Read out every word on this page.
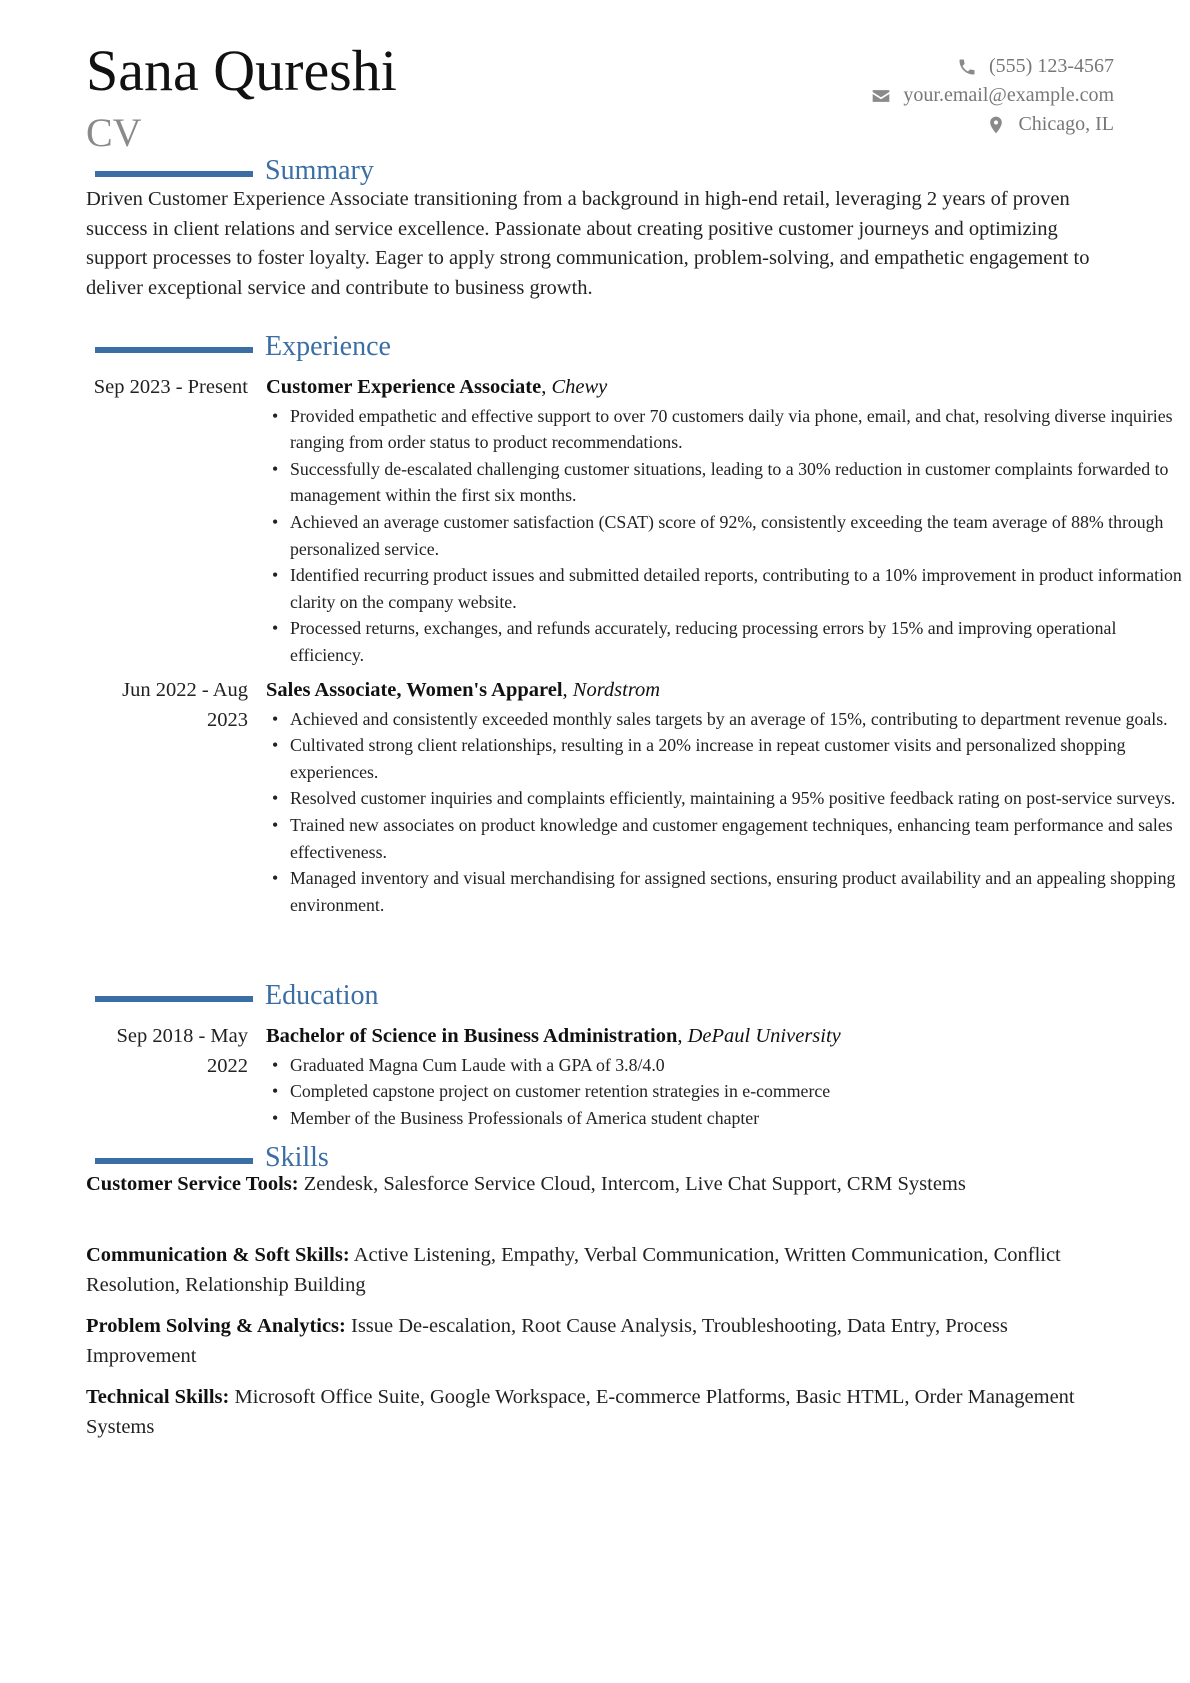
Sana Qureshi
CV
(555) 123-4567
your.email@example.com
Chicago, IL
Summary
Driven Customer Experience Associate transitioning from a background in high-end retail, leveraging 2 years of proven success in client relations and service excellence. Passionate about creating positive customer journeys and optimizing support processes to foster loyalty. Eager to apply strong communication, problem-solving, and empathetic engagement to deliver exceptional service and contribute to business growth.
Experience
Sep 2023 - Present Customer Experience Associate, Chewy
• Provided empathetic and effective support to over 70 customers daily via phone, email, and chat, resolving diverse inquiries ranging from order status to product recommendations.
• Successfully de-escalated challenging customer situations, leading to a 30% reduction in customer complaints forwarded to management within the first six months.
• Achieved an average customer satisfaction (CSAT) score of 92%, consistently exceeding the team average of 88% through personalized service.
• Identified recurring product issues and submitted detailed reports, contributing to a 10% improvement in product information clarity on the company website.
• Processed returns, exchanges, and refunds accurately, reducing processing errors by 15% and improving operational efficiency.
Jun 2022 - Aug 2023
Sales Associate, Women's Apparel, Nordstrom
• Achieved and consistently exceeded monthly sales targets by an average of 15%, contributing to department revenue goals.
• Cultivated strong client relationships, resulting in a 20% increase in repeat customer visits and personalized shopping experiences.
• Resolved customer inquiries and complaints efficiently, maintaining a 95% positive feedback rating on post-service surveys.
• Trained new associates on product knowledge and customer engagement techniques, enhancing team performance and sales effectiveness.
• Managed inventory and visual merchandising for assigned sections, ensuring product availability and an appealing shopping environment.
Education
Sep 2018 - May 2022
Bachelor of Science in Business Administration, DePaul University
• Graduated Magna Cum Laude with a GPA of 3.8/4.0
• Completed capstone project on customer retention strategies in e-commerce
• Member of the Business Professionals of America student chapter
Skills
Customer Service Tools: Zendesk, Salesforce Service Cloud, Intercom, Live Chat Support, CRM Systems
Communication & Soft Skills: Active Listening, Empathy, Verbal Communication, Written Communication, Conflict Resolution, Relationship Building
Problem Solving & Analytics: Issue De-escalation, Root Cause Analysis, Troubleshooting, Data Entry, Process Improvement
Technical Skills: Microsoft Office Suite, Google Workspace, E-commerce Platforms, Basic HTML, Order Management Systems
